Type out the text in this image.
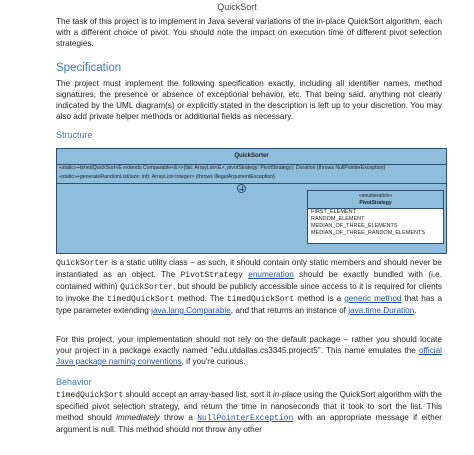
QuickSort
The task of this project is to implement in Java several variations of the in-place QuickSort algorithm, each with a different choice of pivot. You should note the impact on execution time of different pivot selection strategies.
Specification
The project must implement the following specification exactly, including all identifier names, method signatures, the presence or absence of exceptional behavior, etc. That being said, anything not clearly indicated by the UML diagram(s) or explicitly stated in the description is left up to your discretion. You may also add private helper methods or additional fields as necessary.
Structure
QuickSorter
«static»+timedQuickSort<E extends Comparable<E>>(list: ArrayList<E>, pivotStrategy: PivotStrategy): Duration {throws NullPointerException}
«static»+generateRandomList(size: int): ArrayList<Integer> {throws IllegalArgumentException}
«enumeration»
PivotStrategy
FIRST_ELEMENT
RANDOM_ELEMENT
MEDIAN_OF_THREE_ELEMENTS
MEDIAN_OF_THREE_RANDOM_ELEMENTS
QuickSorter is a static utility class – as such, it should contain only static members and should never be instantiated as an object. The PivotStrategy enumeration should be exactly bundled with (i.e. contained within) QuickSorter, but should be publicly accessible since access to it is required for clients to invoke the timedQuickSort method. The timedQuickSort method is a generic method that has a type parameter extending java.lang.Comparable, and that returns an instance of java.time.Duration.
For this project, your implementation should not rely on the default package – rather you should locate your project in a package exactly named "edu.utdallas.cs3345.project5". This name emulates the official Java package naming conventions, if you're curious.
Behavior
timedQuickSort should accept an array-based list, sort it in-place using the QuickSort algorithm with the specified pivot selection strategy, and return the time in nanoseconds that it took to sort the list. This method should immediately throw a NullPointerException with an appropriate message if either argument is null. This method should not throw any other
